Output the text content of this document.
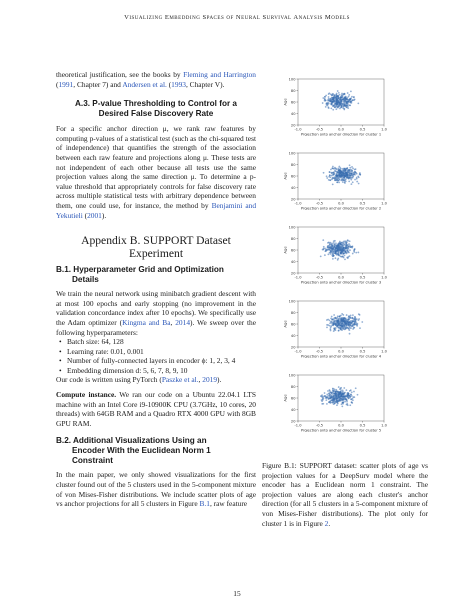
Visualizing Embedding Spaces of Neural Survival Analysis Models

theoretical justification, see the books by Fleming and Harrington (1991, Chapter 7) and Andersen et al. (1993, Chapter V).

A.3. P-value Thresholding to Control for a
Desired False Discovery Rate

For a specific anchor direction μ, we rank raw features by computing p-values of a statistical test (such as the chi-squared test of independence) that quantifies the strength of the association between each raw feature and projections along μ. These tests are not independent of each other because all tests use the same projection values along the same direction μ. To determine a p-value threshold that appropriately controls for false discovery rate across multiple statistical tests with arbitrary dependence between them, one could use, for instance, the method by Benjamini and Yekutieli (2001).

Appendix B. SUPPORT Dataset
Experiment
B.1. Hyperparameter Grid and Optimization
Details

We train the neural network using minibatch gradient descent with at most 100 epochs and early stopping (no improvement in the validation concordance index after 10 epochs). We specifically use the Adam optimizer (Kingma and Ba, 2014). We sweep over the following hyperparameters:

• Batch size: 64, 128
• Learning rate: 0.01, 0.001
• Number of fully-connected layers in encoder ϕ: 1, 2, 3, 4
• Embedding dimension d: 5, 6, 7, 8, 9, 10

Our code is written using PyTorch (Paszke et al., 2019).

Compute instance. We ran our code on a Ubuntu 22.04.1 LTS machine with an Intel Core i9-10900K CPU (3.7GHz, 10 cores, 20 threads) with 64GB RAM and a Quadro RTX 4000 GPU with 8GB GPU RAM.

B.2. Additional Visualizations Using an
Encoder With the Euclidean Norm 1
Constraint

In the main paper, we only showed visualizations for the first cluster found out of the 5 clusters used in the 5-component mixture of von Mises-Fisher distributions. We include scatter plots of age vs anchor projections for all 5 clusters in Figure B.1, raw feature

100
80
60
40
20
-1.0	-0.5	0.0	0.5	1.0
Projection onto anchor direction for cluster 1
Age
100
80
60
40
20
-1.0	-0.5	0.0	0.5	1.0
Projection onto anchor direction for cluster 2
Age
100
80
60
40
20
-1.0	-0.5	0.0	0.5	1.0
Projection onto anchor direction for cluster 3
Age
100
80
60
40
20
-1.0	-0.5	0.0	0.5	1.0
Projection onto anchor direction for cluster 4
Age
100
80
60
40
20
-1.0	-0.5	0.0	0.5	1.0
Projection onto anchor direction for cluster 5
Age
Figure B.1: SUPPORT dataset: scatter plots of age vs projection values for a DeepSurv model where the encoder has a Euclidean norm 1 constraint. The projection values are along each cluster's anchor direction (for all 5 clusters in a 5-component mixture of von Mises-Fisher distributions). The plot only for cluster 1 is in Figure 2.
15
